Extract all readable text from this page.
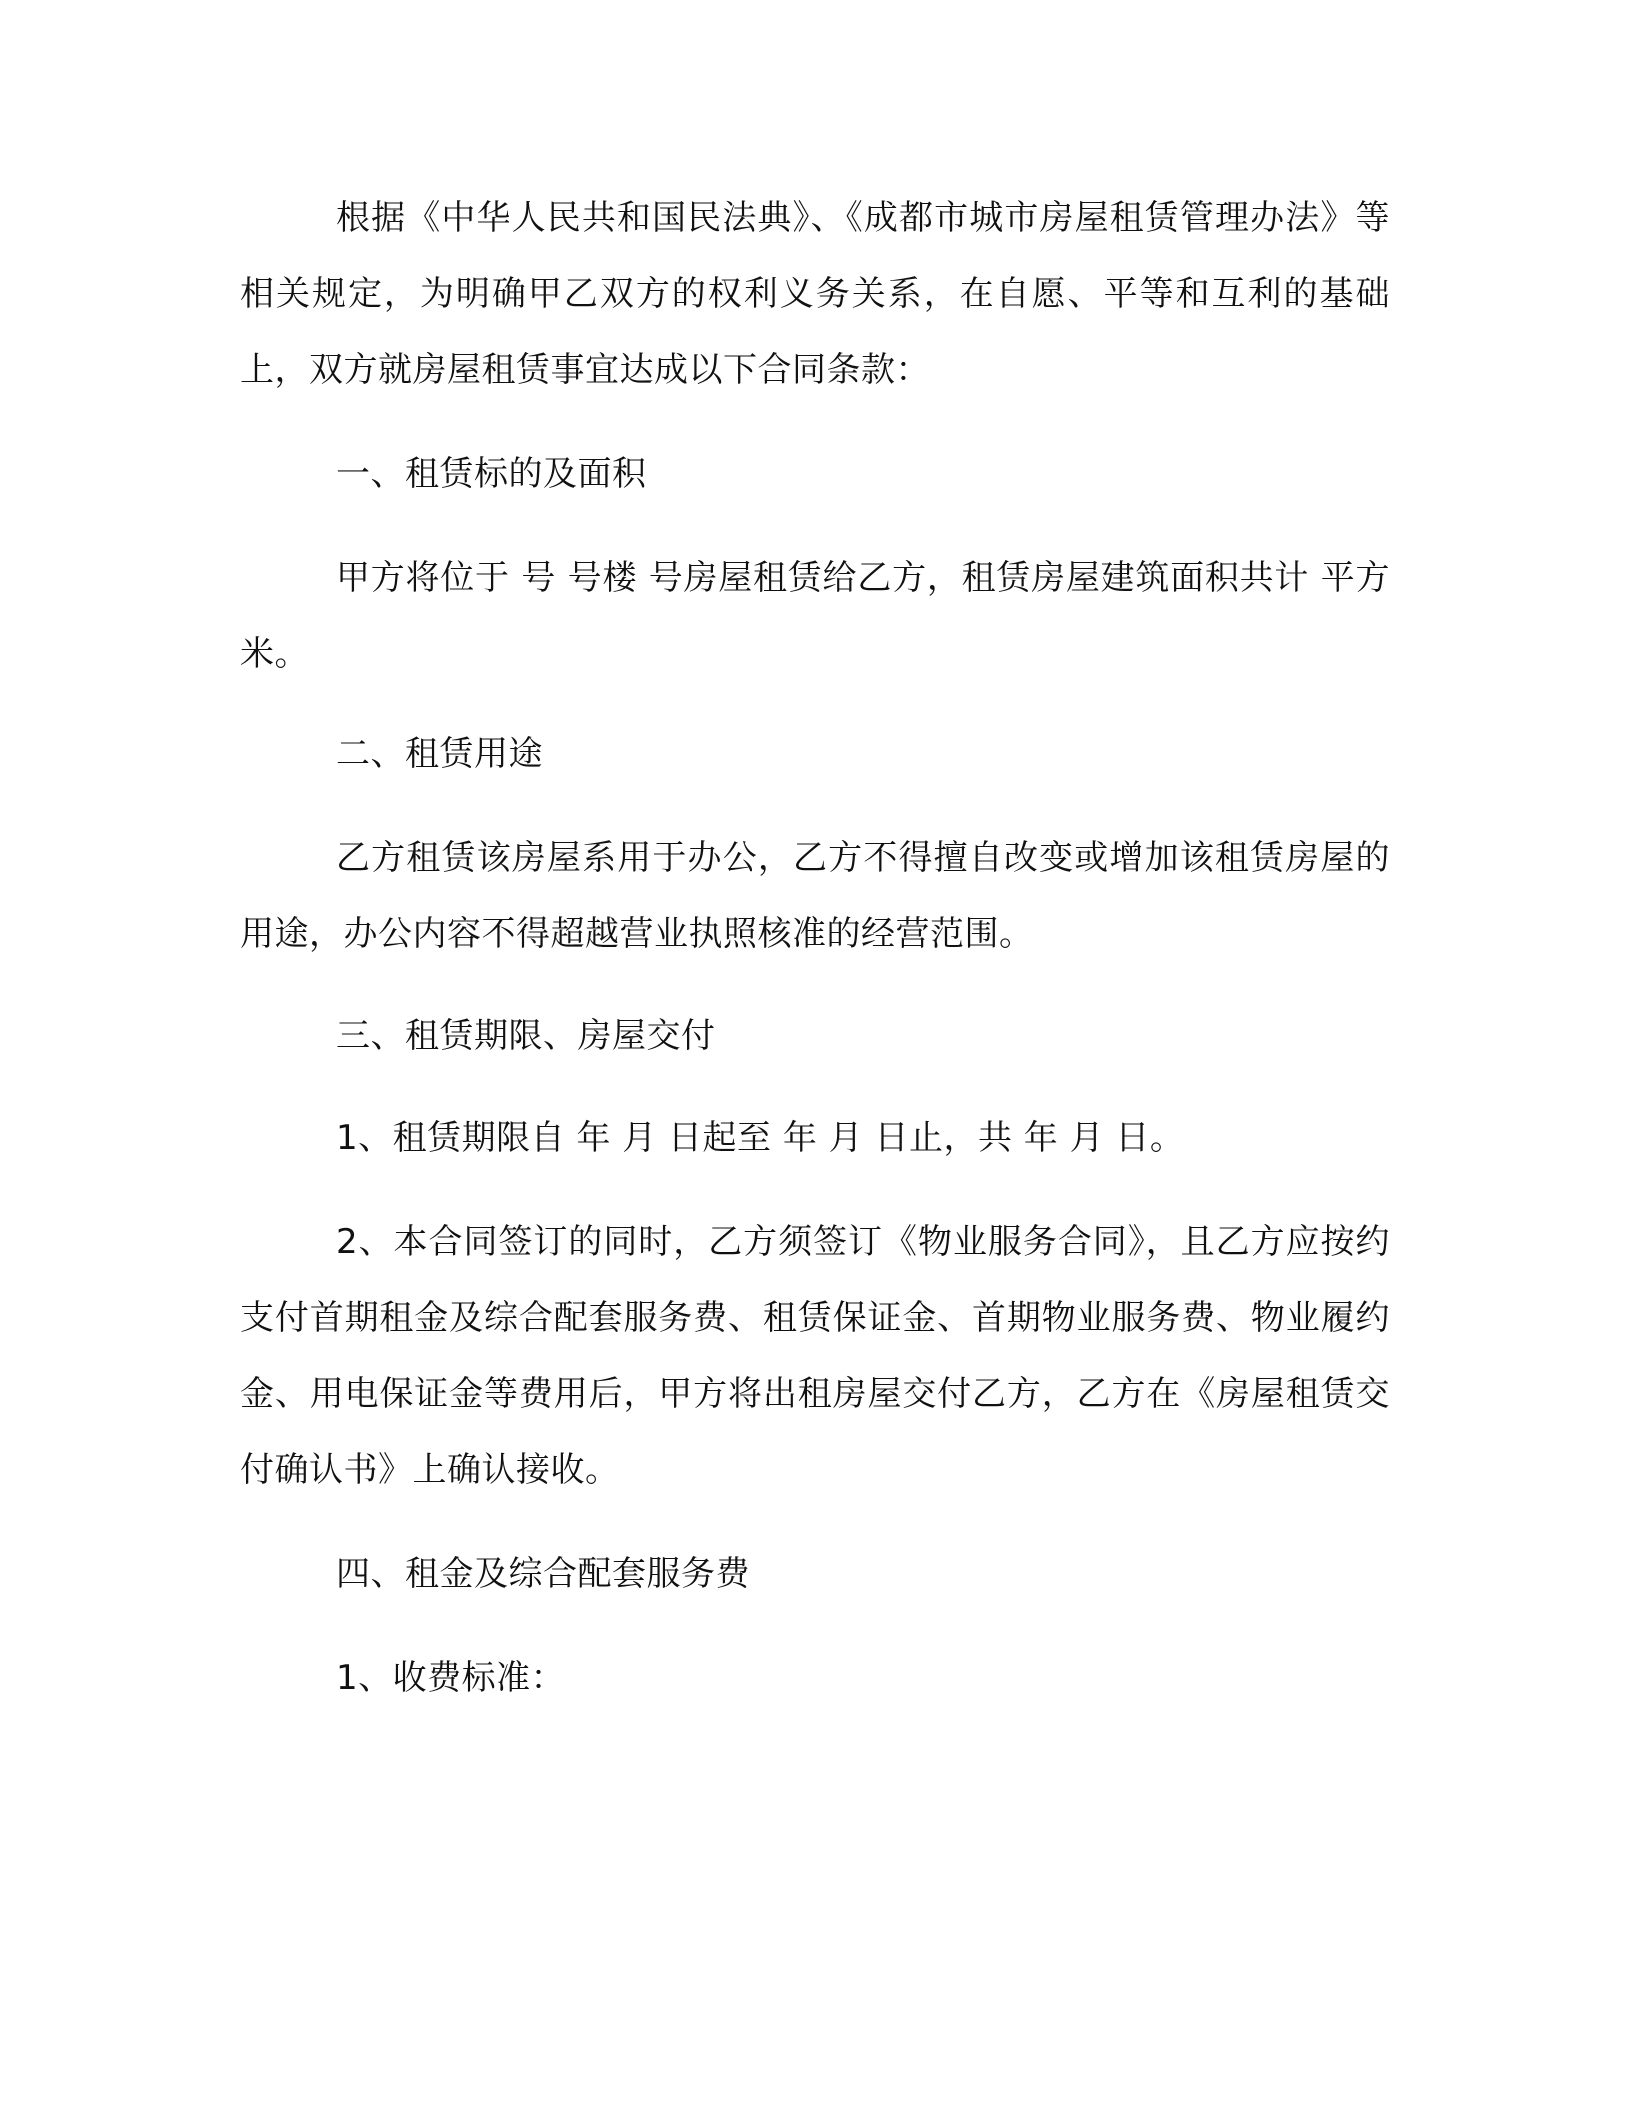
根据《中华人民共和国民法典》、《成都市城市房屋租赁管理办法》等相关规定，为明确甲乙双方的权利义务关系，在自愿、平等和互利的基础上，双方就房屋租赁事宜达成以下合同条款：

一、租赁标的及面积

甲方将位于 号 号楼 号房屋租赁给乙方，租赁房屋建筑面积共计 平方米。

二、租赁用途

乙方租赁该房屋系用于办公，乙方不得擅自改变或增加该租赁房屋的用途，办公内容不得超越营业执照核准的经营范围。

三、租赁期限、房屋交付

1、租赁期限自 年 月 日起至 年 月 日止，共 年 月 日。

2、本合同签订的同时，乙方须签订《物业服务合同》，且乙方应按约支付首期租金及综合配套服务费、租赁保证金、首期物业服务费、物业履约金、用电保证金等费用后，甲方将出租房屋交付乙方，乙方在《房屋租赁交付确认书》上确认接收。

四、租金及综合配套服务费

1、收费标准：
